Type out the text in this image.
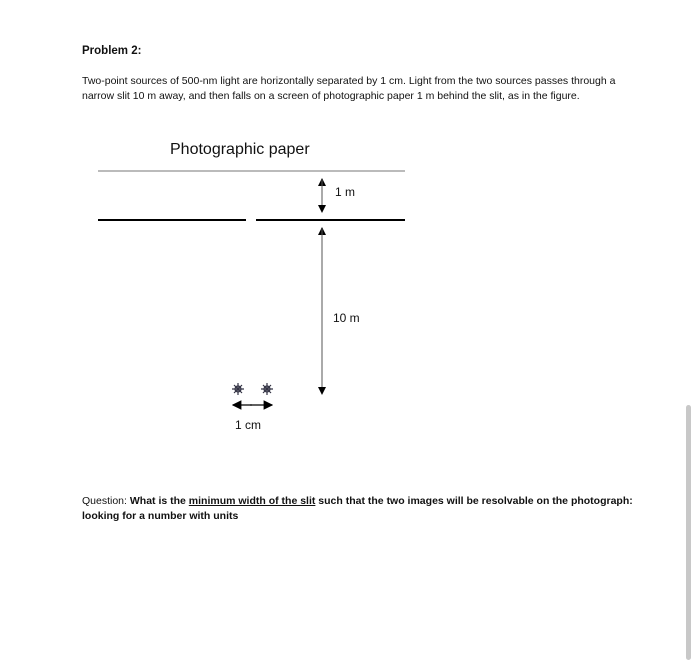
Problem 2:
Two-point sources of 500-nm light are horizontally separated by 1 cm. Light from the two sources passes through a
narrow slit 10 m away, and then falls on a screen of photographic paper 1 m behind the slit, as in the figure.
Photographic paper
1 m
10 m
1 cm
Question: What is the minimum width of the slit such that the two images will be resolvable on the photograph:
looking for a number with units
